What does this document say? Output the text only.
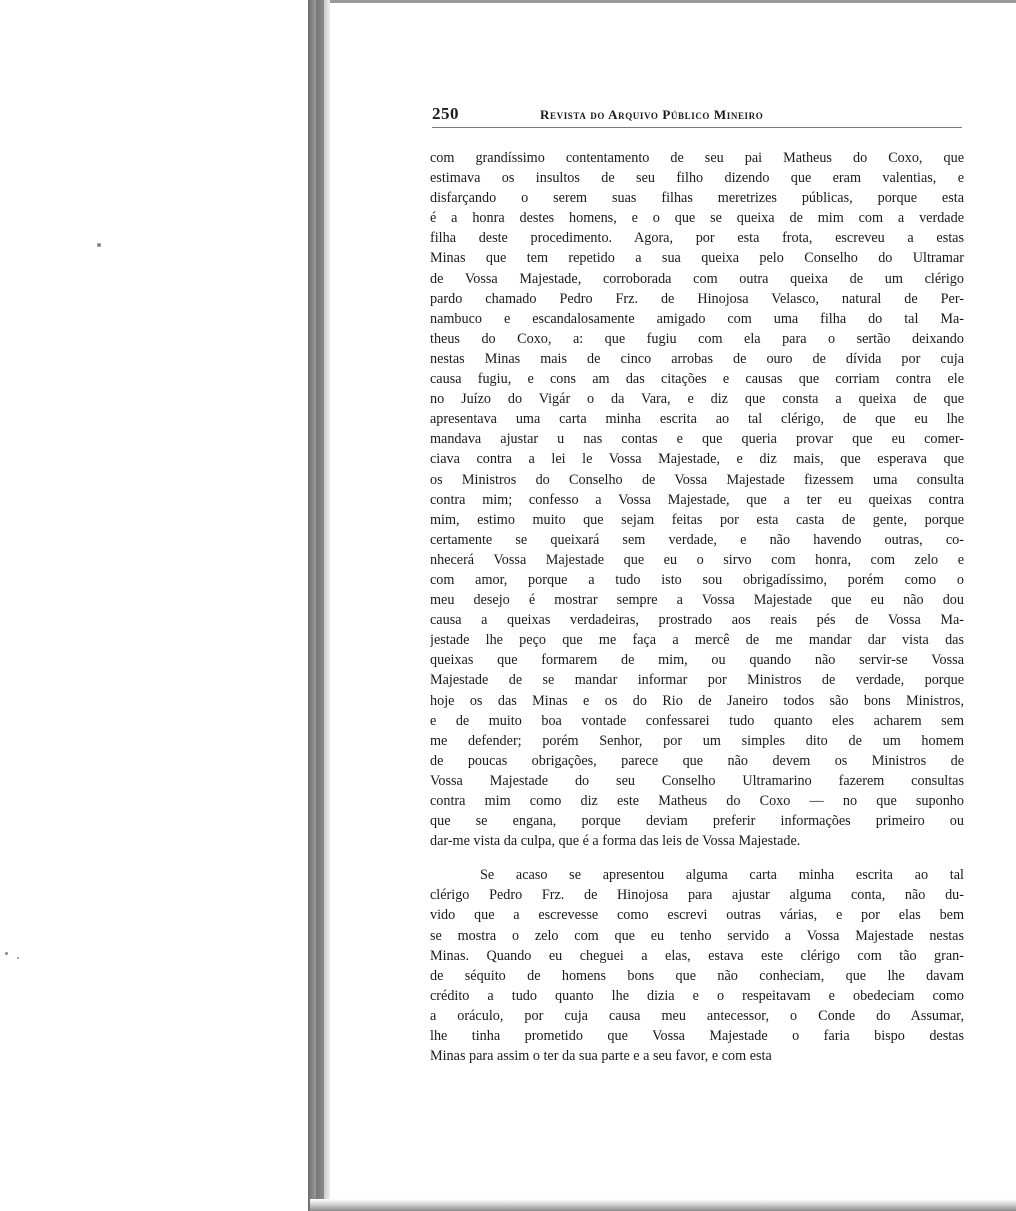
250	Revista do Arquivo Público Mineiro
com grandíssimo contentamento de seu pai Matheus do Coxo, que
estimava os insultos de seu filho dizendo que eram valentias, e
disfarçando o serem suas filhas meretrizes públicas, porque esta
é a honra destes homens, e o que se queixa de mim com a verdade
filha deste procedimento. Agora, por esta frota, escreveu a estas
Minas que tem repetido a sua queixa pelo Conselho do Ultramar
de Vossa Majestade, corroborada com outra queixa de um clérigo
pardo chamado Pedro Frz. de Hinojosa Velasco, natural de Per-
nambuco e escandalosamente amigado com uma filha do tal Ma-
theus do Coxo, a: que fugiu com ela para o sertão deixando
nestas Minas mais de cinco arrobas de ouro de dívida por cuja
causa fugiu, e cons am das citações e causas que corriam contra ele
no Juízo do Vigár o da Vara, e diz que consta a queixa de que
apresentava uma carta minha escrita ao tal clérigo, de que eu lhe
mandava ajustar u nas contas e que queria provar que eu comer-
ciava contra a lei le Vossa Majestade, e diz mais, que esperava que
os Ministros do Conselho de Vossa Majestade fizessem uma consulta
contra mim; confesso a Vossa Majestade, que a ter eu queixas contra
mim, estimo muito que sejam feitas por esta casta de gente, porque
certamente se queixará sem verdade, e não havendo outras, co-
nhecerá Vossa Majestade que eu o sirvo com honra, com zelo e
com amor, porque a tudo isto sou obrigadíssimo, porém como o
meu desejo é mostrar sempre a Vossa Majestade que eu não dou
causa a queixas verdadeiras, prostrado aos reais pés de Vossa Ma-
jestade lhe peço que me faça a mercê de me mandar dar vista das
queixas que formarem de mim, ou quando não servir-se Vossa
Majestade de se mandar informar por Ministros de verdade, porque
hoje os das Minas e os do Rio de Janeiro todos são bons Ministros,
e de muito boa vontade confessarei tudo quanto eles acharem sem
me defender; porém Senhor, por um simples dito de um homem
de poucas obrigações, parece que não devem os Ministros de
Vossa Majestade do seu Conselho Ultramarino fazerem consultas
contra mim como diz este Matheus do Coxo — no que suponho
que se engana, porque deviam preferir informações primeiro ou
dar-me vista da culpa, que é a forma das leis de Vossa Majestade.
Se acaso se apresentou alguma carta minha escrita ao tal
clérigo Pedro Frz. de Hinojosa para ajustar alguma conta, não du-
vido que a escrevesse como escrevi outras várias, e por elas bem
se mostra o zelo com que eu tenho servido a Vossa Majestade nestas
Minas. Quando eu cheguei a elas, estava este clérigo com tão gran-
de séquito de homens bons que não conheciam, que lhe davam
crédito a tudo quanto lhe dizia e o respeitavam e obedeciam como
a oráculo, por cuja causa meu antecessor, o Conde do Assumar,
lhe tinha prometido que Vossa Majestade o faria bispo destas
Minas para assim o ter da sua parte e a seu favor, e com esta
